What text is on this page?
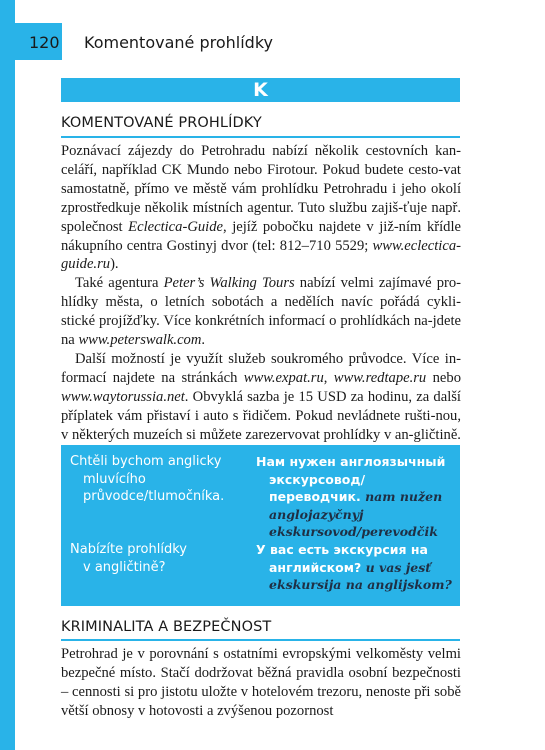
120 Komentované prohlídky
K
KOMENTOVANÉ PROHLÍDKY

Poznávací zájezdy do Petrohradu nabízí několik cestovních kan-celáří, například CK Mundo nebo Firotour. Pokud budete cesto-vat samostatně, přímo ve městě vám prohlídku Petrohradu i jeho okolí zprostředkuje několik místních agentur. Tuto službu zajiš-ťuje např. společnost Eclectica-Guide, jejíž pobočku najdete v již-ním křídle nákupního centra Gostinyj dvor (tel: 812–710 5529; www.eclectica-guide.ru).

Také agentura Peter’s Walking Tours nabízí velmi zajímavé pro-hlídky města, o letních sobotách a nedělích navíc pořádá cykli-stické projížďky. Více konkrétních informací o prohlídkách na-jdete na www.peterswalk.com.

Další možností je využít služeb soukromého průvodce. Více in-formací najdete na stránkách www.expat.ru, www.redtape.ru nebo www.waytorussia.net. Obvyklá sazba je 15 USD za hodinu, za další příplatek vám přistaví i auto s řidičem. Pokud nevládnete rušti-nou, v některých muzeích si můžete zarezervovat prohlídky v an-gličtině.

Chtěli bychom anglicky
mluvícího
průvodce/tlumočníka.
Нам нужен англоязычный
экскурсовод/
переводчик. nam nužen
anglojazyčnyj
ekskursovod/perevodčik
Nabízíte prohlídky
v angličtině?
У вас есть экскурсия на
английском? u vas jesť
ekskursija na anglijskom?
KRIMINALITA A BEZPEČNOST

Petrohrad je v porovnání s ostatními evropskými velkoměsty velmi bezpečné místo. Stačí dodržovat běžná pravidla osobní bezpečnosti – cennosti si pro jistotu uložte v hotelovém trezoru, nenoste při sobě větší obnosy v hotovosti a zvýšenou pozornost
